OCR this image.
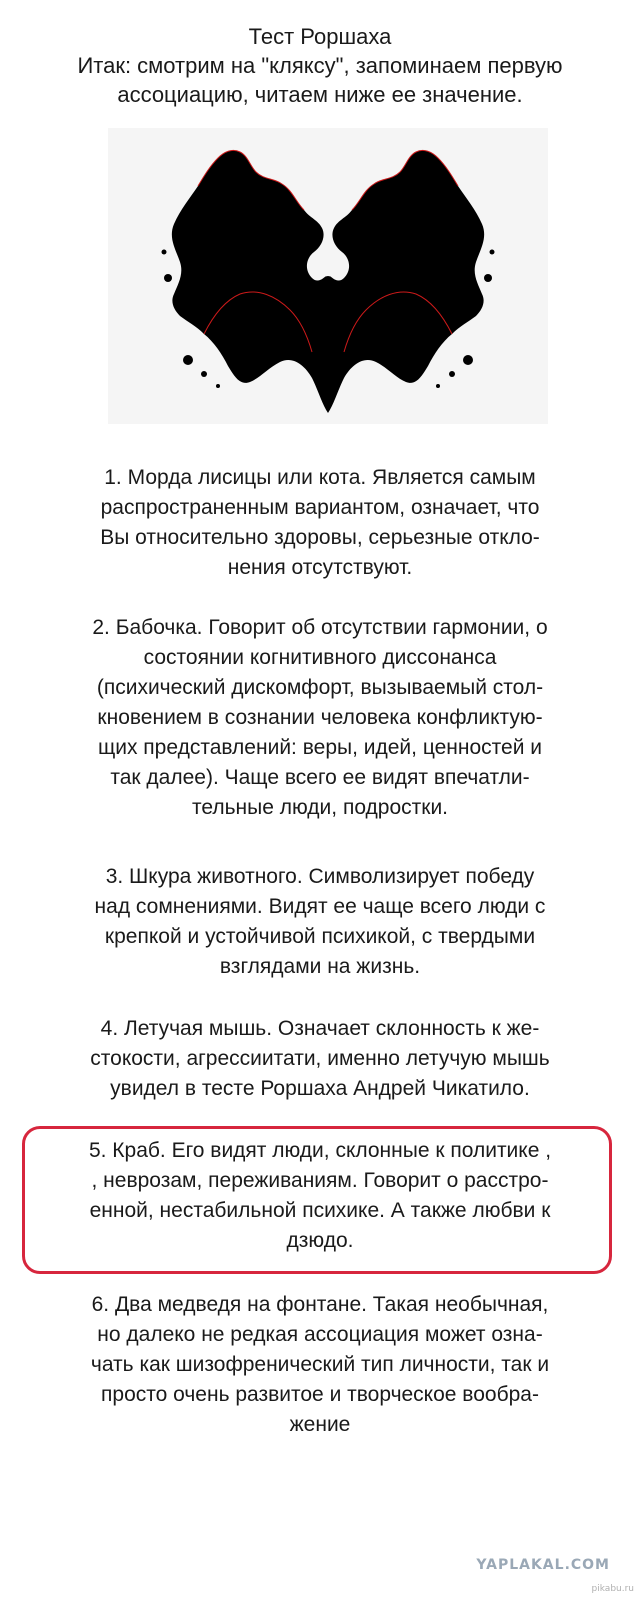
Тест Роршаха
Итак: смотрим на "кляксу", запоминаем первую
ассоциацию, читаем ниже ее значение.

1. Морда лисицы или кота. Является самым
распространенным вариантом, означает, что
Вы относительно здоровы, серьезные откло-
нения отсутствуют.

2. Бабочка. Говорит об отсутствии гармонии, о
состоянии когнитивного диссонанса
(психический дискомфорт, вызываемый стол-
кновением в сознании человека конфликтую-
щих представлений: веры, идей, ценностей и
так далее). Чаще всего ее видят впечатли-
тельные люди, подростки.

3. Шкура животного. Символизирует победу
над сомнениями. Видят ее чаще всего люди с
крепкой и устойчивой психикой, с твердыми
взглядами на жизнь.

4. Летучая мышь. Означает склонность к же-
стокости, агрессиитати, именно летучую мышь
увидел в тесте Роршаха Андрей Чикатило.

5. Краб. Его видят люди, склонные к политике ,
, неврозам, переживаниям. Говорит о расстро-
енной, нестабильной психике. А также любви к
дзюдо.

6. Два медведя на фонтане. Такая необычная,
но далеко не редкая ассоциация может озна-
чать как шизофренический тип личности, так и
просто очень развитое и творческое вообра-
жение

YAPLAKAL.COM
pikabu.ru
